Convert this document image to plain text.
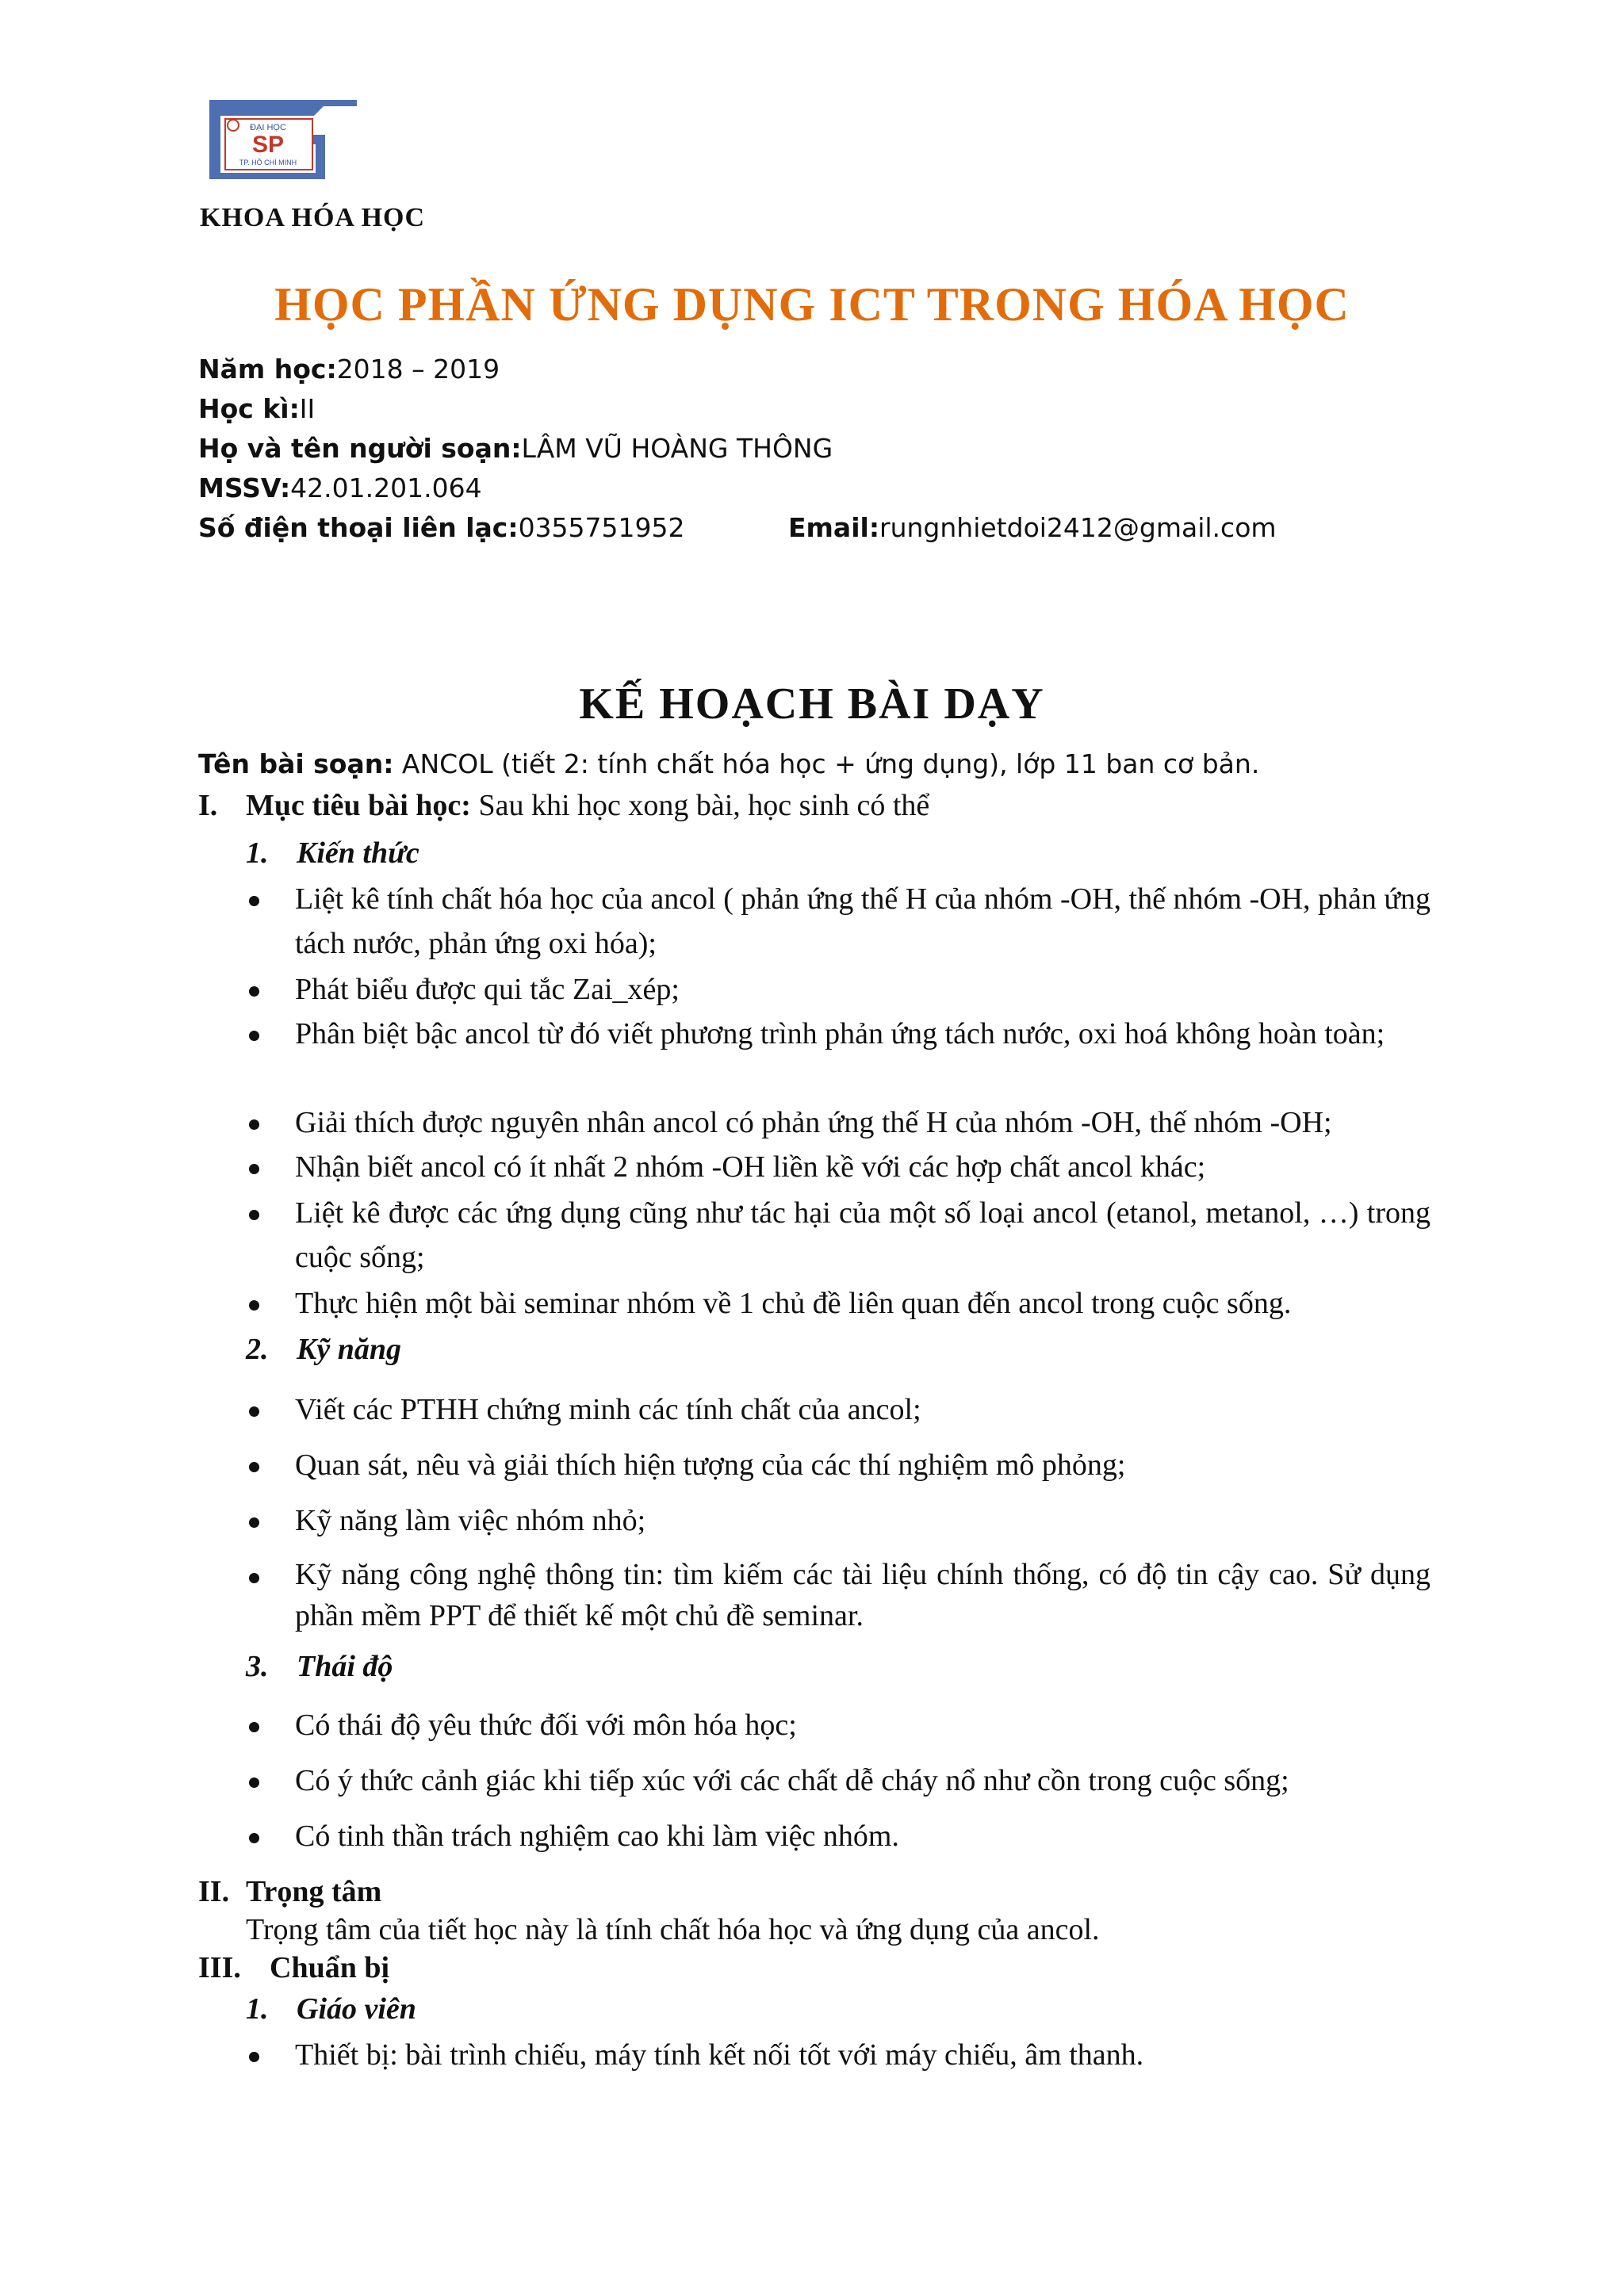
ĐẠI HỌC
SP
TP. HỒ CHÍ MINH
KHOA HÓA HỌC
HỌC PHẦN ỨNG DỤNG ICT TRONG HÓA HỌC
Năm học:2018 – 2019
Học kì:II
Họ và tên người soạn:LÂM VŨ HOÀNG THÔNG
MSSV:42.01.201.064
Số điện thoại liên lạc:0355751952	Email:rungnhietdoi2412@gmail.com
KẾ HOẠCH BÀI DẠY
Tên bài soạn: ANCOL (tiết 2: tính chất hóa học + ứng dụng), lớp 11 ban cơ bản.
I. Mục tiêu bài học: Sau khi học xong bài, học sinh có thể
1. Kiến thức
Liệt kê tính chất hóa học của ancol ( phản ứng thế H của nhóm -OH, thế nhóm -OH, phản ứng tách nước, phản ứng oxi hóa);
Phát biểu được qui tắc Zai_xép;
Phân biệt bậc ancol từ đó viết phương trình phản ứng tách nước, oxi hoá không hoàn toàn;
Giải thích được nguyên nhân ancol có phản ứng thế H của nhóm -OH, thế nhóm -OH;
Nhận biết ancol có ít nhất 2 nhóm -OH liền kề với các hợp chất ancol khác;
Liệt kê được các ứng dụng cũng như tác hại của một số loại ancol (etanol, metanol, …) trong cuộc sống;
Thực hiện một bài seminar nhóm về 1 chủ đề liên quan đến ancol trong cuộc sống.
2. Kỹ năng
Viết các PTHH chứng minh các tính chất của ancol;
Quan sát, nêu và giải thích hiện tượng của các thí nghiệm mô phỏng;
Kỹ năng làm việc nhóm nhỏ;
Kỹ năng công nghệ thông tin: tìm kiếm các tài liệu chính thống, có độ tin cậy cao. Sử dụng phần mềm PPT để thiết kế một chủ đề seminar.
3. Thái độ
Có thái độ yêu thức đối với môn hóa học;
Có ý thức cảnh giác khi tiếp xúc với các chất dễ cháy nổ như cồn trong cuộc sống;
Có tinh thần trách nghiệm cao khi làm việc nhóm.
II. Trọng tâm
Trọng tâm của tiết học này là tính chất hóa học và ứng dụng của ancol.
III. Chuẩn bị
1. Giáo viên
Thiết bị: bài trình chiếu, máy tính kết nối tốt với máy chiếu, âm thanh.
